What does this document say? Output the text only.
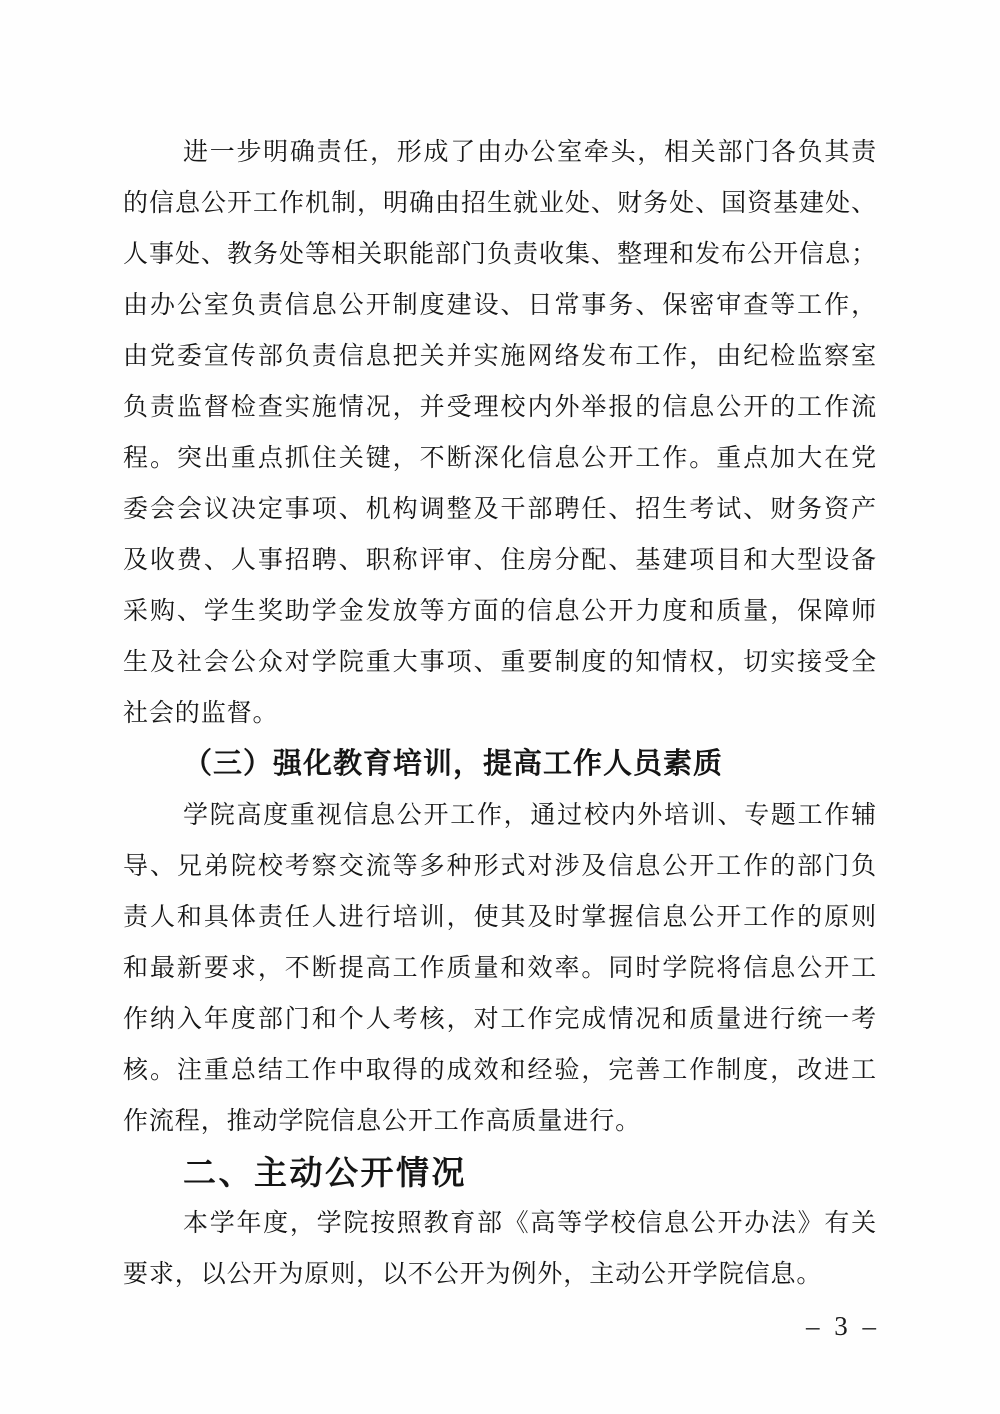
进一步明确责任，形成了由办公室牵头，相关部门各负其责
的信息公开工作机制，明确由招生就业处、财务处、国资基建处、
人事处、教务处等相关职能部门负责收集、整理和发布公开信息；
由办公室负责信息公开制度建设、日常事务、保密审查等工作，
由党委宣传部负责信息把关并实施网络发布工作，由纪检监察室
负责监督检查实施情况，并受理校内外举报的信息公开的工作流
程。突出重点抓住关键，不断深化信息公开工作。重点加大在党
委会会议决定事项、机构调整及干部聘任、招生考试、财务资产
及收费、人事招聘、职称评审、住房分配、基建项目和大型设备
采购、学生奖助学金发放等方面的信息公开力度和质量，保障师
生及社会公众对学院重大事项、重要制度的知情权，切实接受全
社会的监督。
（三）强化教育培训，提高工作人员素质
学院高度重视信息公开工作，通过校内外培训、专题工作辅
导、兄弟院校考察交流等多种形式对涉及信息公开工作的部门负
责人和具体责任人进行培训，使其及时掌握信息公开工作的原则
和最新要求，不断提高工作质量和效率。同时学院将信息公开工
作纳入年度部门和个人考核，对工作完成情况和质量进行统一考
核。注重总结工作中取得的成效和经验，完善工作制度，改进工
作流程，推动学院信息公开工作高质量进行。
二、主动公开情况
本学年度，学院按照教育部《高等学校信息公开办法》有关
要求，以公开为原则，以不公开为例外，主动公开学院信息。
– 3 –
